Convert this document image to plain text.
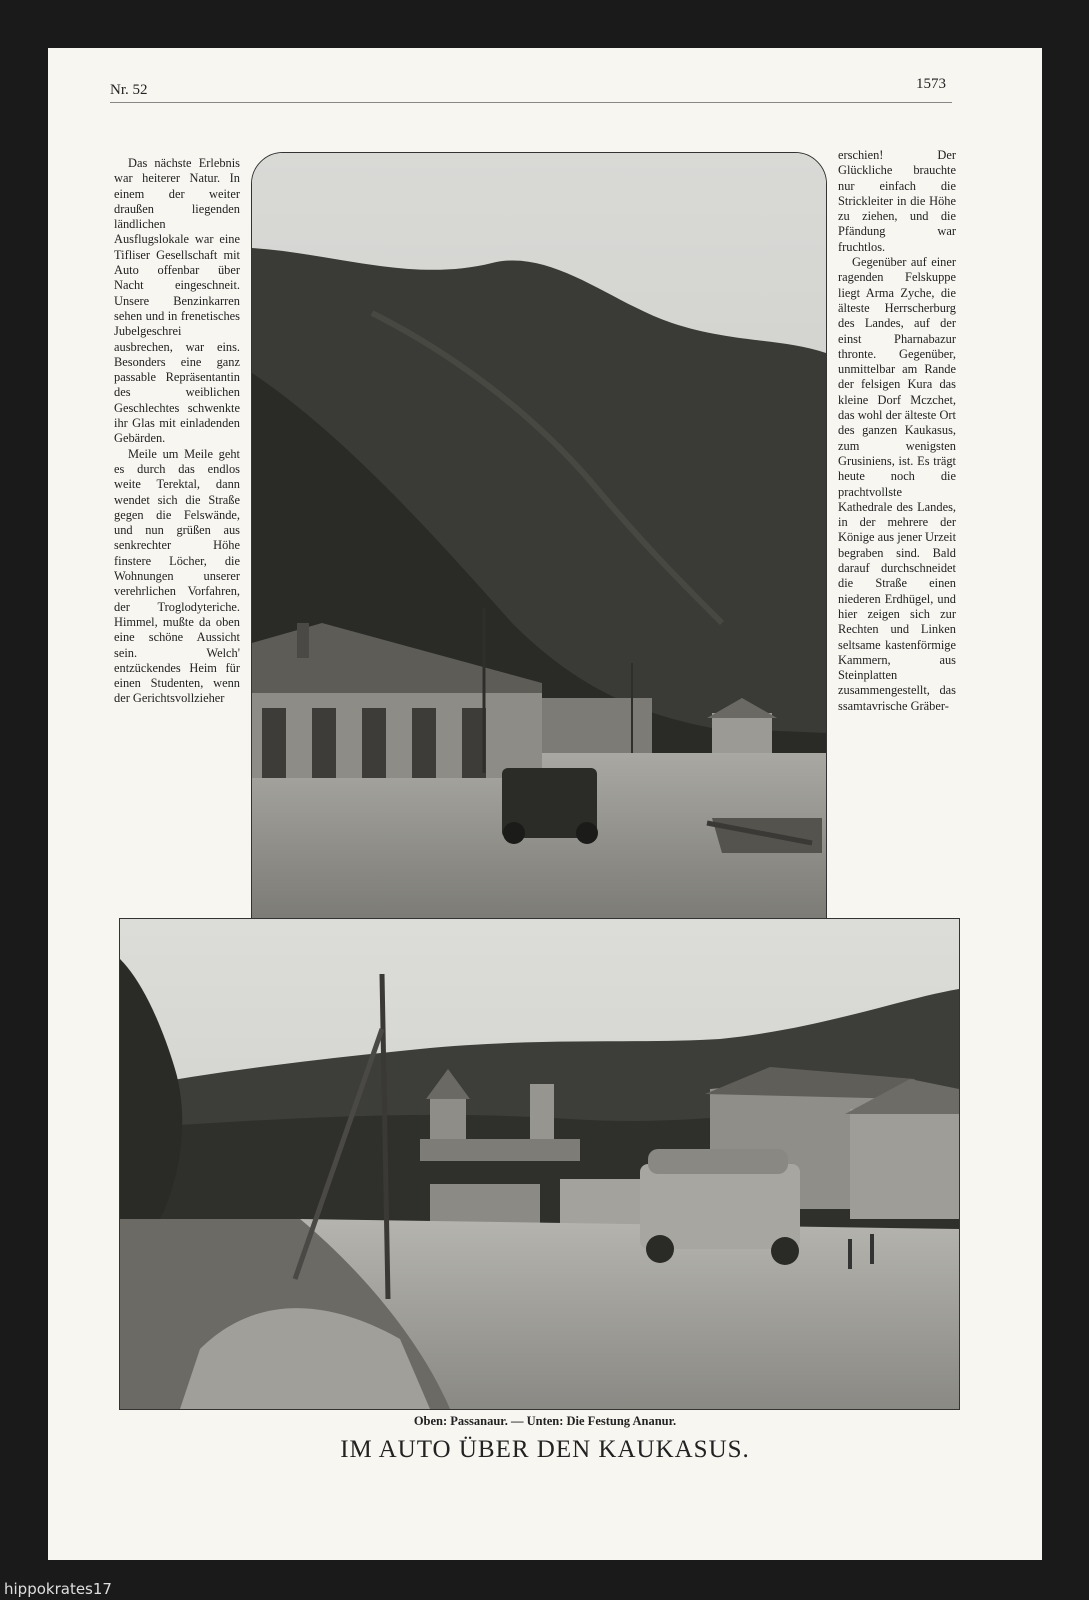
Nr. 52	1573

Das nächste Erlebnis war heiterer Natur. In einem der weiter draußen liegenden ländlichen Ausflugslokale war eine Tifliser Gesellschaft mit Auto offenbar über Nacht eingeschneit. Unsere Benzinkarren sehen und in frenetisches Jubelgeschrei ausbrechen, war eins. Besonders eine ganz passable Repräsentantin des weiblichen Geschlechtes schwenkte ihr Glas mit einladenden Gebärden.

Meile um Meile geht es durch das endlos weite Terektal, dann wendet sich die Straße gegen die Felswände, und nun grüßen aus senkrechter Höhe finstere Löcher, die Wohnungen unserer verehrlichen Vorfahren, der Troglodyteriche. Himmel, mußte da oben eine schöne Aussicht sein. Welch' entzückendes Heim für einen Studenten, wenn der Gerichtsvollzieher

erschien! Der Glückliche brauchte nur einfach die Strickleiter in die Höhe zu ziehen, und die Pfändung war fruchtlos.

Gegenüber auf einer ragenden Felskuppe liegt Arma Zyche, die älteste Herrscherburg des Landes, auf der einst Pharnabazur thronte. Gegenüber, unmittelbar am Rande der felsigen Kura das kleine Dorf Mczchet, das wohl der älteste Ort des ganzen Kaukasus, zum wenigsten Grusiniens, ist. Es trägt heute noch die prachtvollste Kathedrale des Landes, in der mehrere der Könige aus jener Urzeit begraben sind. Bald darauf durchschneidet die Straße einen niederen Erdhügel, und hier zeigen sich zur Rechten und Linken seltsame kastenförmige Kammern, aus Steinplatten zusammengestellt, das ssamtavrische Gräber-

Oben: Passanaur. — Unten: Die Festung Ananur.
IM AUTO ÜBER DEN KAUKASUS.
hippokrates17
